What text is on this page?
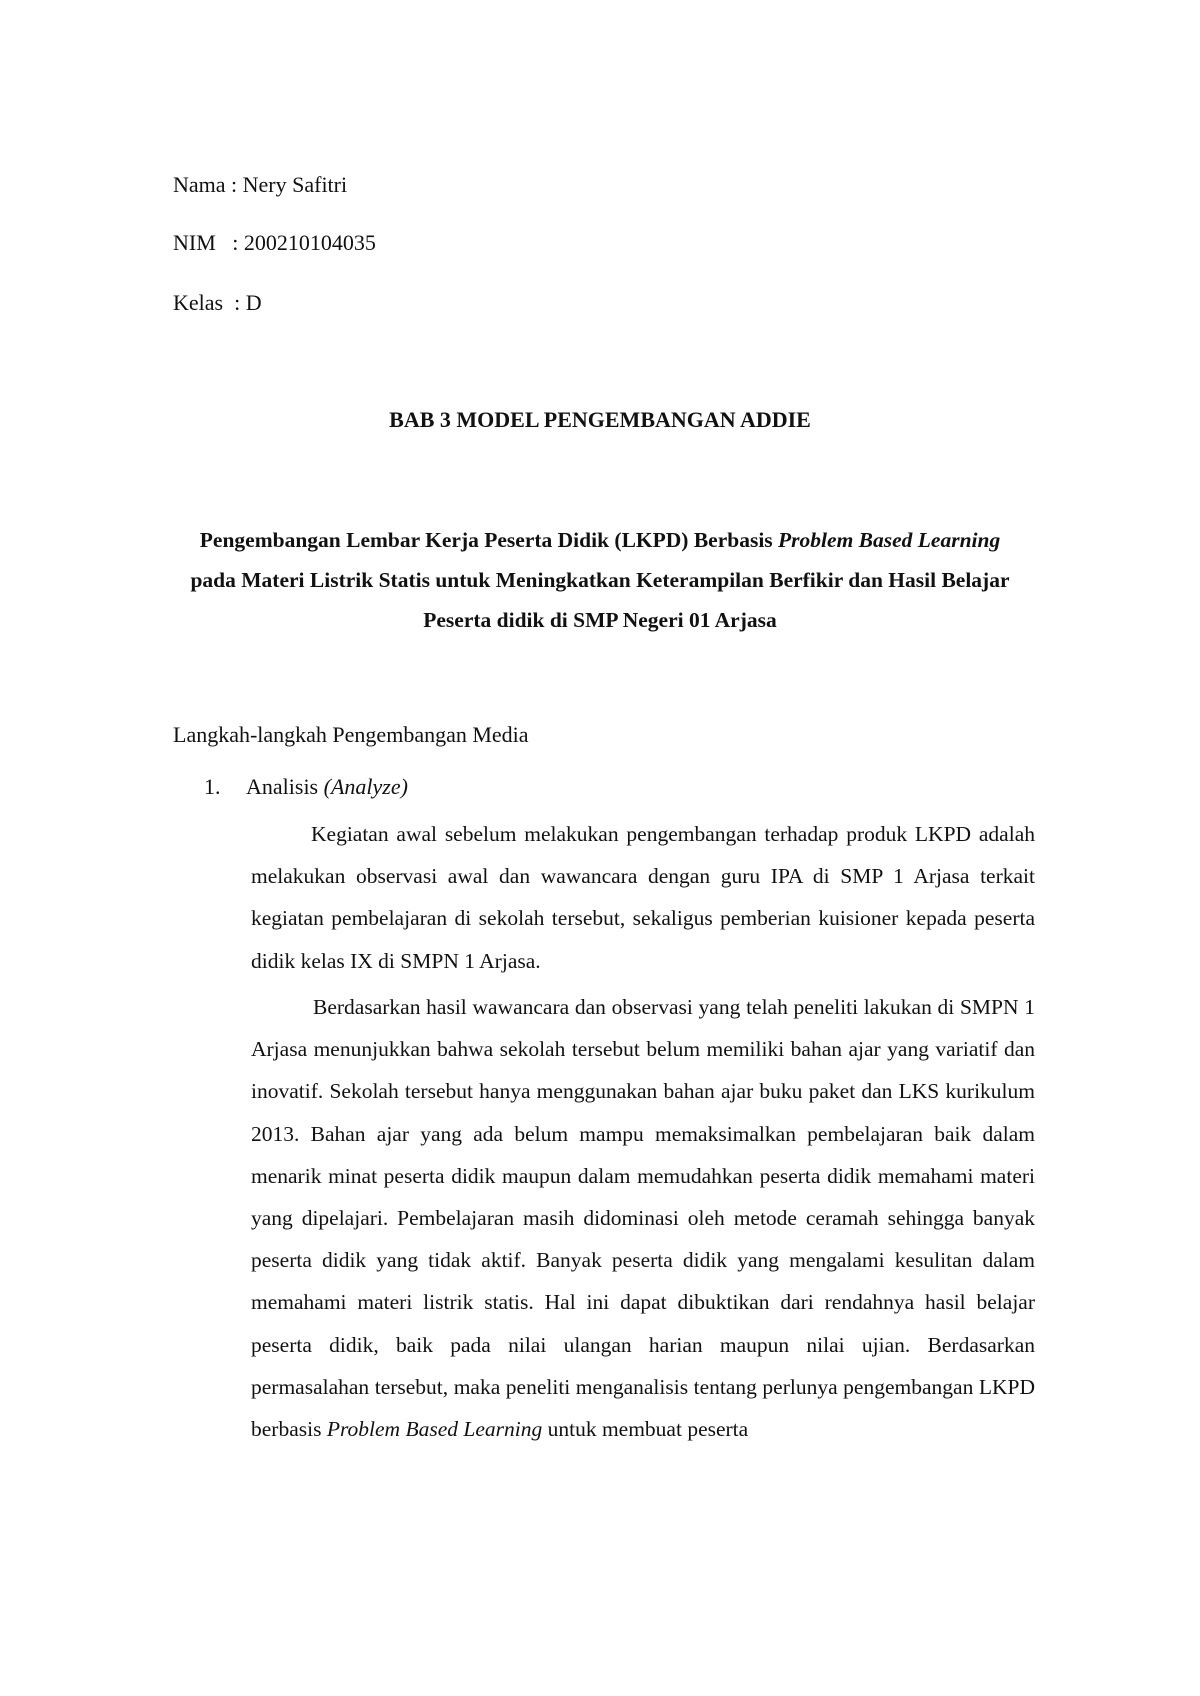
Nama : Nery Safitri
NIM   : 200210104035
Kelas  : D
BAB 3 MODEL PENGEMBANGAN ADDIE
Pengembangan Lembar Kerja Peserta Didik (LKPD) Berbasis Problem Based Learning pada Materi Listrik Statis untuk Meningkatkan Keterampilan Berfikir dan Hasil Belajar Peserta didik di SMP Negeri 01 Arjasa
Langkah-langkah Pengembangan Media
1. Analisis (Analyze)

Kegiatan awal sebelum melakukan pengembangan terhadap produk LKPD adalah melakukan observasi awal dan wawancara dengan guru IPA di SMP 1 Arjasa terkait kegiatan pembelajaran di sekolah tersebut, sekaligus pemberian kuisioner kepada peserta didik kelas IX di SMPN 1 Arjasa.

Berdasarkan hasil wawancara dan observasi yang telah peneliti lakukan di SMPN 1 Arjasa menunjukkan bahwa sekolah tersebut belum memiliki bahan ajar yang variatif dan inovatif. Sekolah tersebut hanya menggunakan bahan ajar buku paket dan LKS kurikulum 2013. Bahan ajar yang ada belum mampu memaksimalkan pembelajaran baik dalam menarik minat peserta didik maupun dalam memudahkan peserta didik memahami materi yang dipelajari. Pembelajaran masih didominasi oleh metode ceramah sehingga banyak peserta didik yang tidak aktif. Banyak peserta didik yang mengalami kesulitan dalam memahami materi listrik statis. Hal ini dapat dibuktikan dari rendahnya hasil belajar peserta didik, baik pada nilai ulangan harian maupun nilai ujian. Berdasarkan permasalahan tersebut, maka peneliti menganalisis tentang perlunya pengembangan LKPD berbasis Problem Based Learning untuk membuat peserta
